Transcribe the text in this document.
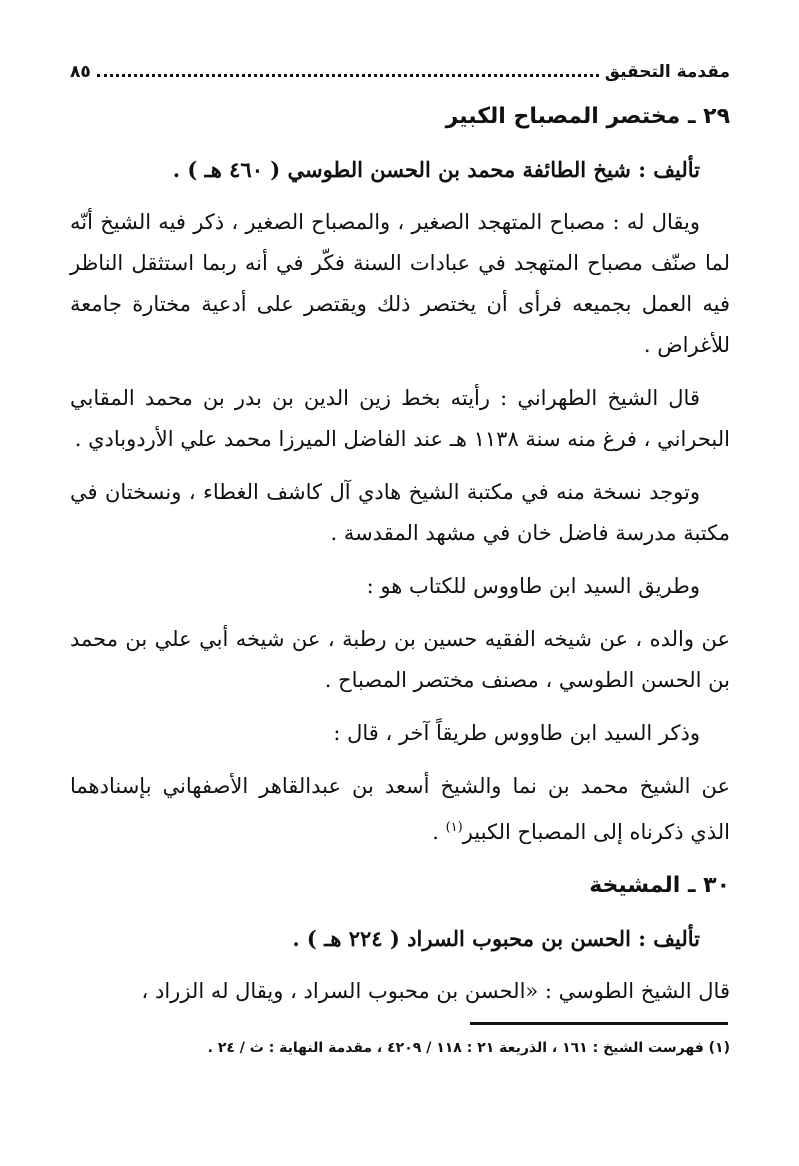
٨٥	مقدمة التحقيق
٢٩ ـ مختصر المصباح الكبير

تأليف : شيخ الطائفة محمد بن الحسن الطوسي ( ٤٦٠ هـ ) .

ويقال له : مصباح المتهجد الصغير ، والمصباح الصغير ، ذكر فيه الشيخ أنّه لما صنّف مصباح المتهجد في عبادات السنة فكّر في أنه ربما استثقل الناظر فيه العمل بجميعه فرأى أن يختصر ذلك ويقتصر على أدعية مختارة جامعة للأغراض .

قال الشيخ الطهراني : رأيته بخط زين الدين بن بدر بن محمد المقابي البحراني ، فرغ منه سنة ١١٣٨ هـ عند الفاضل الميرزا محمد علي الأردوبادي .

وتوجد نسخة منه في مكتبة الشيخ هادي آل كاشف الغطاء ، ونسختان في مكتبة مدرسة فاضل خان في مشهد المقدسة .

وطريق السيد ابن طاووس للكتاب هو :

عن والده ، عن شيخه الفقيه حسين بن رطبة ، عن شيخه أبي علي بن محمد بن الحسن الطوسي ، مصنف مختصر المصباح .

وذكر السيد ابن طاووس طريقاً آخر ، قال :

عن الشيخ محمد بن نما والشيخ أسعد بن عبدالقاهر الأصفهاني بإسنادهما الذي ذكرناه إلى المصباح الكبير$^{(١)}$ .

٣٠ ـ المشيخة

تأليف : الحسن بن محبوب السراد ( ٢٢٤ هـ ) .

قال الشيخ الطوسي : «الحسن بن محبوب السراد ، ويقال له الزراد ،

(١) فهرست الشيخ : ١٦١ ، الذريعة ٢١ : ١١٨ / ٤٢٠٩ ، مقدمة النهاية : ث / ٢٤ .
